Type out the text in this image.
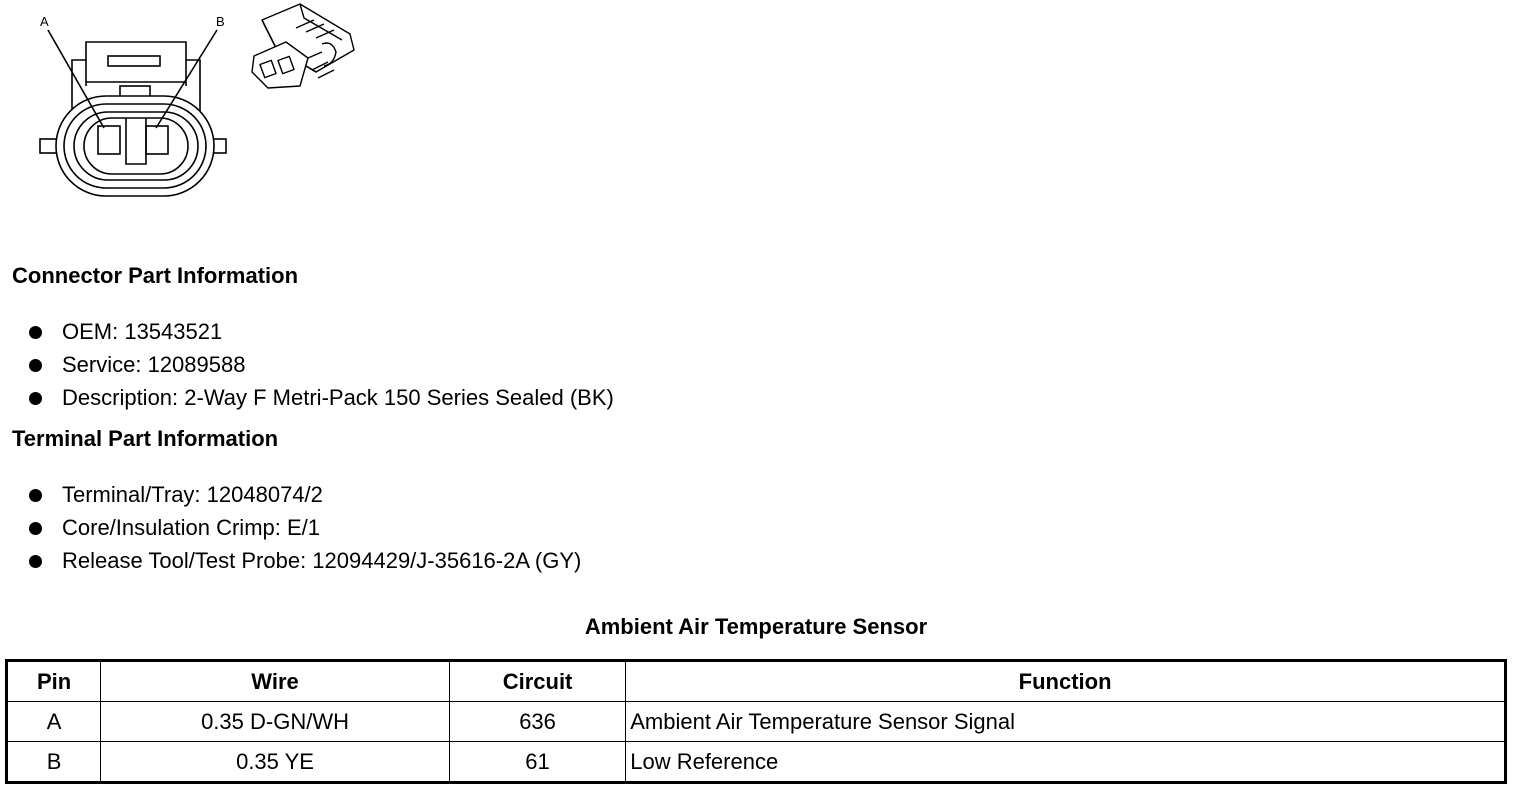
A	B
Connector Part Information
OEM: 13543521
Service: 12089588
Description: 2-Way F Metri-Pack 150 Series Sealed (BK)
Terminal Part Information
Terminal/Tray: 12048074/2
Core/Insulation Crimp: E/1
Release Tool/Test Probe: 12094429/J-35616-2A (GY)
Ambient Air Temperature Sensor
Pin	Wire	Circuit	Function
A	0.35 D-GN/WH	636	Ambient Air Temperature Sensor Signal
B	0.35 YE	61	Low Reference
